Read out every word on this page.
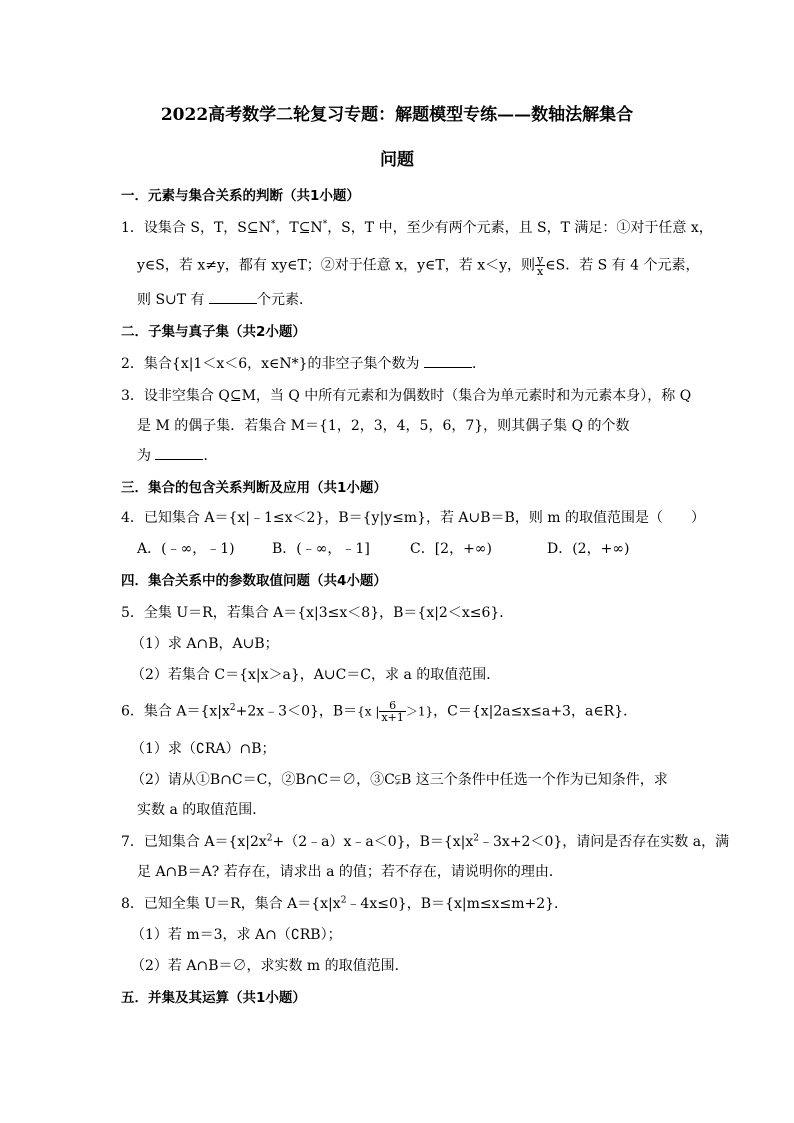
2022高考数学二轮复习专题：解题模型专练——数轴法解集合
问题
一．元素与集合关系的判断（共1小题）
1．设集合 S，T，S⊆N*，T⊆N*，S，T 中，至少有两个元素，且 S，T 满足：①对于任意 x，
y∈S，若 x≠y，都有 xy∈T；②对于任意 x，y∈T，若 x＜y，则 $\frac{y}{x}$ ∈S．若 S 有 4 个元素，
则 S∪T 有	个元素．
二．子集与真子集（共2小题）
2．集合{x|1＜x＜6，x∈N*}的非空子集个数为	．
3．设非空集合 Q⊆M，当 Q 中所有元素和为偶数时（集合为单元素时和为元素本身），称 Q
是 M 的偶子集．若集合 M＝{1，2，3，4，5，6，7}，则其偶子集 Q 的个数
为	．
三．集合的包含关系判断及应用（共1小题）
4．已知集合 A＝{x|﹣1≤x＜2}，B＝{y|y≤m}，若 A∪B＝B，则 m 的取值范围是（　　）
A．(﹣∞，﹣1)	B．(﹣∞，﹣1]	C．[2，+∞)	D．(2，+∞)
四．集合关系中的参数取值问题（共4小题）
5．全集 U＝R，若集合 A＝{x|3≤x＜8}，B＝{x|2＜x≤6}．
（1）求 A∩B，A∪B；
（2）若集合 C＝{x|x＞a}，A∪C＝C，求 a 的取值范围．
6．集合 $A=\{x|x^2+2x﹣3<0\}$，B＝{x | $\frac{6}{x+1} >1$}，C＝{x|2a≤x≤a+3，a∈R}．
（1）求（∁RA）∩B；
（2）请从①B∩C＝C，②B∩C＝∅，③C⫋B 这三个条件中任选一个作为已知条件，求
实数 a 的取值范围．
7．已知集合 $A=\{x|2x^2+(2﹣a)x﹣a<0\}$，$B=\{x|x^2﹣3x+2<0\}$，请问是否存在实数 a，满
足 A∩B＝A? 若存在，请求出 a 的值；若不存在，请说明你的理由．
8．已知全集 U＝R，集合 $A=\{x|x^2﹣4x\le 0\}$，B＝{x|m≤x≤m+2}．
（1）若 m＝3，求 A∩（∁RB）；
（2）若 A∩B＝∅，求实数 m 的取值范围．
五．并集及其运算（共1小题）
